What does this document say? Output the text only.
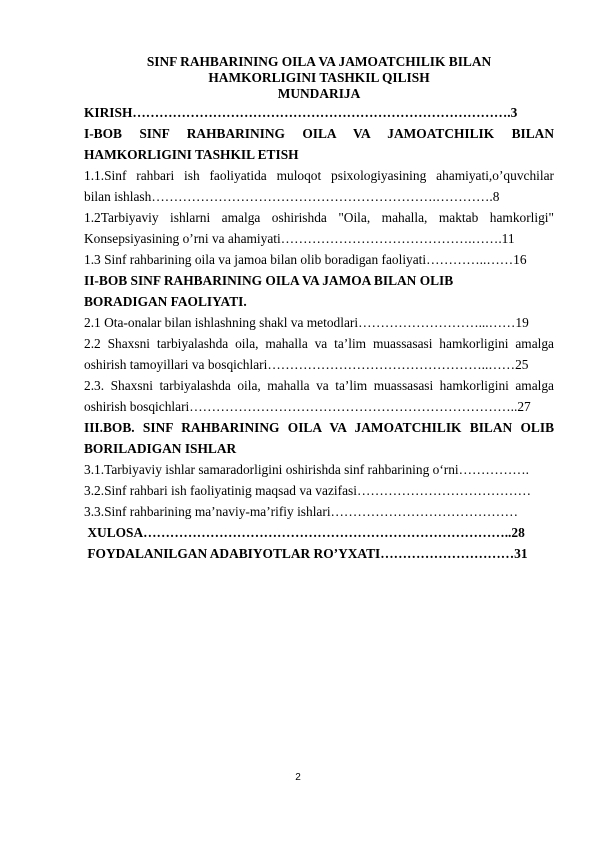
SINF RAHBARINING OILA VA JAMOATCHILIK BILAN
HAMKORLIGINI TASHKIL QILISH
MUNDARIJA
KIRISH………………………………………………………………………….3
I-BOB SINF RAHBARINING OILA VA JAMOATCHILIK BILAN
HAMKORLIGINI TASHKIL ETISH
1.1.Sinf rahbari ish faoliyatida muloqot psixologiyasining ahamiyati,o’quvchilar
bilan ishlash……………………………………………………….………….8
1.2Tarbiyaviy ishlarni amalga oshirishda "Oila, mahalla, maktab hamkorligi"
Konsepsiyasining o’rni va ahamiyati…………………………………….…….11
1.3 Sinf rahbarining oila va jamoa bilan olib boradigan faoliyati…………..……16
II-BOB SINF RAHBARINING OILA VA JAMOA BILAN OLIB
BORADIGAN FAOLIYATI.
2.1 Ota-onalar bilan ishlashning shakl va metodlari………………………...……19
2.2 Shaxsni tarbiyalashda oila, mahalla va ta’lim muassasasi hamkorligini amalga
oshirish tamoyillari va bosqichlari…………………………………………..……25
2.3. Shaxsni tarbiyalashda oila, mahalla va ta’lim muassasasi hamkorligini amalga
oshirish bosqichlari………………………………………………………………..27
III.BOB. SINF RAHBARINING OILA VA JAMOATCHILIK BILAN OLIB
BORILADIGAN ISHLAR
3.1.Tarbiyaviy ishlar samaradorligini oshirishda sinf rahbarining o‘rni…………….
3.2.Sinf rahbari ish faoliyatinig maqsad va vazifasi…………………………………
3.3.Sinf rahbarining ma’naviy-ma’rifiy ishlari……………………………………
XULOSA………………………………………………………………………..28
FOYDALANILGAN ADABIYOTLAR RO’YXATI…………………………31
2
